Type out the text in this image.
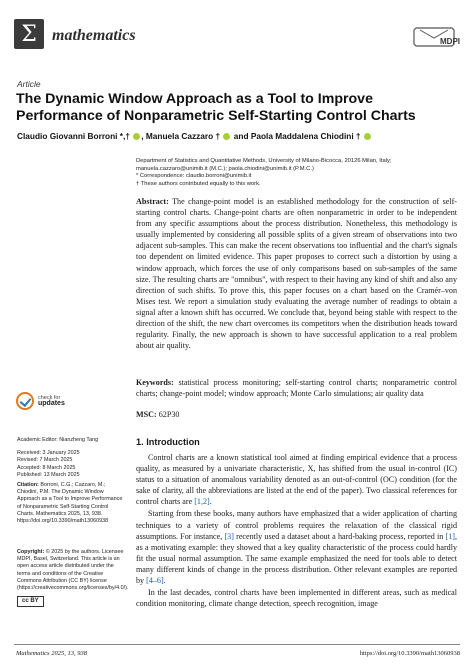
Σ mathematics	MDPI
Article
The Dynamic Window Approach as a Tool to Improve Performance of Nonparametric Self-Starting Control Charts
Claudio Giovanni Borroni *,† , Manuela Cazzaro †  and Paola Maddalena Chiodini †
Department of Statistics and Quantitative Methods, University of Milano-Bicocca, 20126 Milan, Italy;
manuela.cazzaro@unimib.it (M.C.); paola.chiodini@unimib.it (P.M.C.)
* Correspondence: claudio.borroni@unimib.it
† These authors contributed equally to this work.
Abstract: The change-point model is an established methodology for the construction of self-starting control charts. Change-point charts are often nonparametric in order to be independent from any specific assumptions about the process distribution. Nonetheless, this methodology is usually implemented by considering all possible splits of a given stream of observations into two adjacent sub-samples. This can make the recent observations too influential and the chart's signals too dependent on limited evidence. This paper proposes to correct such a distortion by using a window approach, which forces the use of only comparisons based on sub-samples of the same size. The resulting charts are "omnibus", with respect to their having any kind of shift and also any direction of such shifts. To prove this, this paper focuses on a chart based on the Cramér–von Mises test. We report a simulation study evaluating the average number of readings to obtain a signal after a known shift has occurred. We conclude that, beyond being stable with respect to the direction of the shift, the new chart overcomes its competitors when the distribution heads toward regularity. Finally, the new approach is shown to have successful application to a real problem about air quality.
Keywords: statistical process monitoring; self-starting control charts; nonparametric control charts; change-point model; window approach; Monte Carlo simulations; air quality data
MSC: 62P30
1. Introduction

Control charts are a known statistical tool aimed at finding empirical evidence that a process quality, as measured by a univariate characteristic, X, has shifted from the usual in-control (IC) status to a situation of anomalous variability denoted as an out-of-control (OC) condition (for the sake of clarity, all the abbreviations are listed at the end of the paper). Two classical references for control charts are [1,2].

Starting from these books, many authors have emphasized that a wider application of charting techniques to a variety of control problems requires the relaxation of the classical rigid assumptions. For instance, [3] recently used a dataset about a hard-baking process, reported in [1], as a motivating example: they showed that a key quality characteristic of the process could hardly fit the usual normal assumption. The same example emphasized the need for tools able to detect many different kinds of change in the process distribution. Other relevant examples are reported by [4–6].

In the last decades, control charts have been implemented in different areas, such as medical condition monitoring, climate change detection, speech recognition, image

check for
updates
Academic Editor: Nianzheng Tang
Received: 3 January 2025
Revised: 7 March 2025
Accepted: 8 March 2025
Published: 13 March 2025
Citation: Borroni, C.G.; Cazzaro, M.; Chiodini, P.M. The Dynamic Window Approach as a Tool to Improve Performance of Nonparametric Self-Starting Control Charts. Mathematics 2025, 13, 938. https://doi.org/10.3390/math13060938
Copyright: © 2025 by the authors. Licensee MDPI, Basel, Switzerland. This article is an open access article distributed under the terms and conditions of the Creative Commons Attribution (CC BY) license (https://creativecommons.org/licenses/by/4.0/).
cc BY
Mathematics 2025, 13, 938	https://doi.org/10.3390/math13060938
